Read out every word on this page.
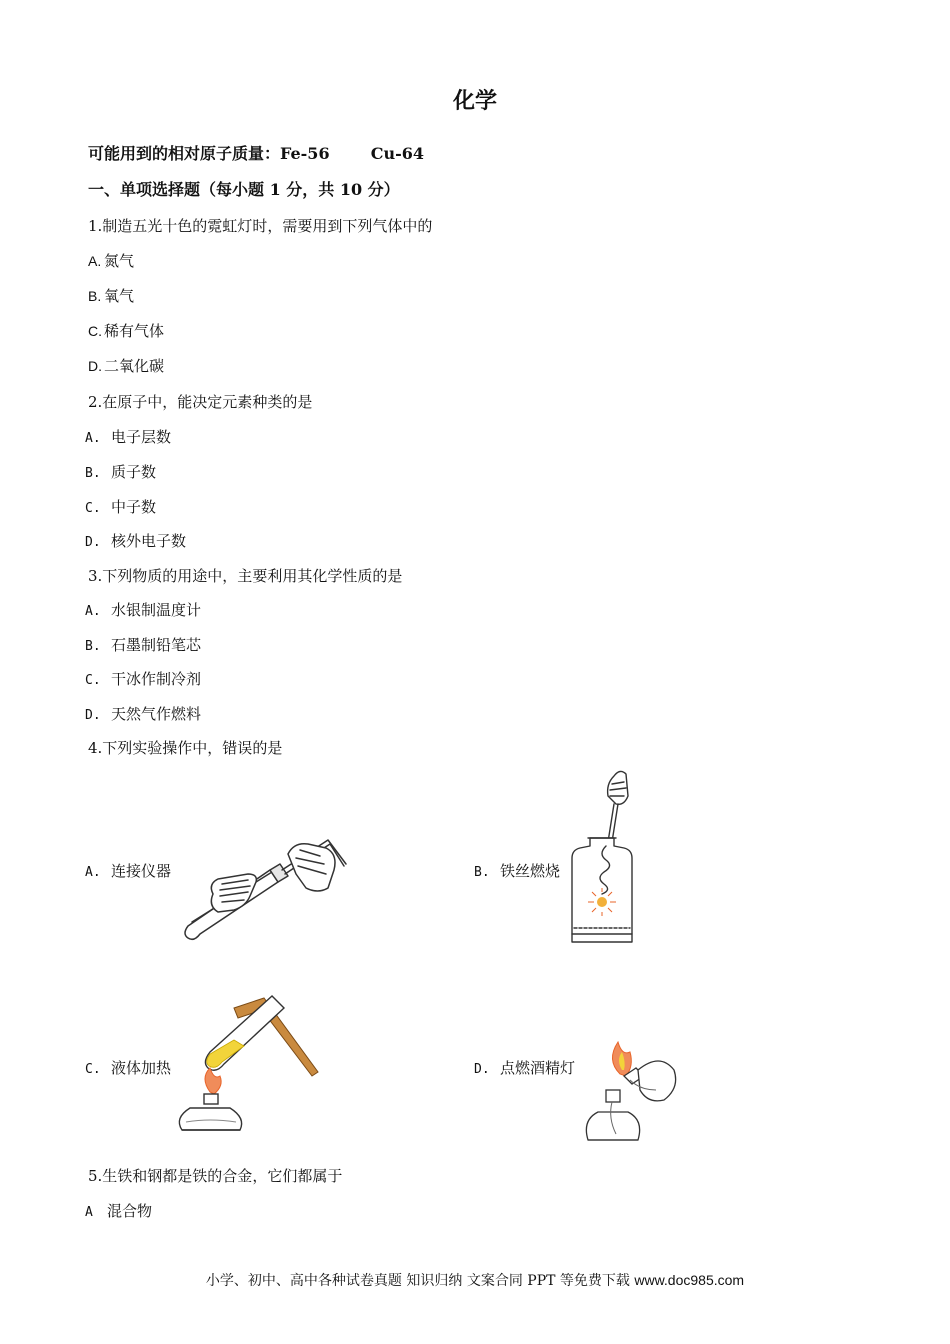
化学
可能用到的相对原子质量：Fe-56	Cu-64
一、单项选择题（每小题 1 分，共 10 分）
1.制造五光十色的霓虹灯时，需要用到下列气体中的
A. 氮气
B. 氧气
C. 稀有气体
D. 二氧化碳
2.在原子中，能决定元素种类的是
A. 电子层数
B. 质子数
C. 中子数
D. 核外电子数
3.下列物质的用途中，主要利用其化学性质的是
A. 水银制温度计
B. 石墨制铅笔芯
C. 干冰作制冷剂
D. 天然气作燃料
4.下列实验操作中，错误的是
A. 连接仪器	B. 铁丝燃烧
C. 液体加热	D. 点燃酒精灯
5.生铁和钢都是铁的合金，它们都属于
A 混合物
小学、初中、高中各种试卷真题 知识归纳 文案合同 PPT 等免费下载 www.doc985.com
